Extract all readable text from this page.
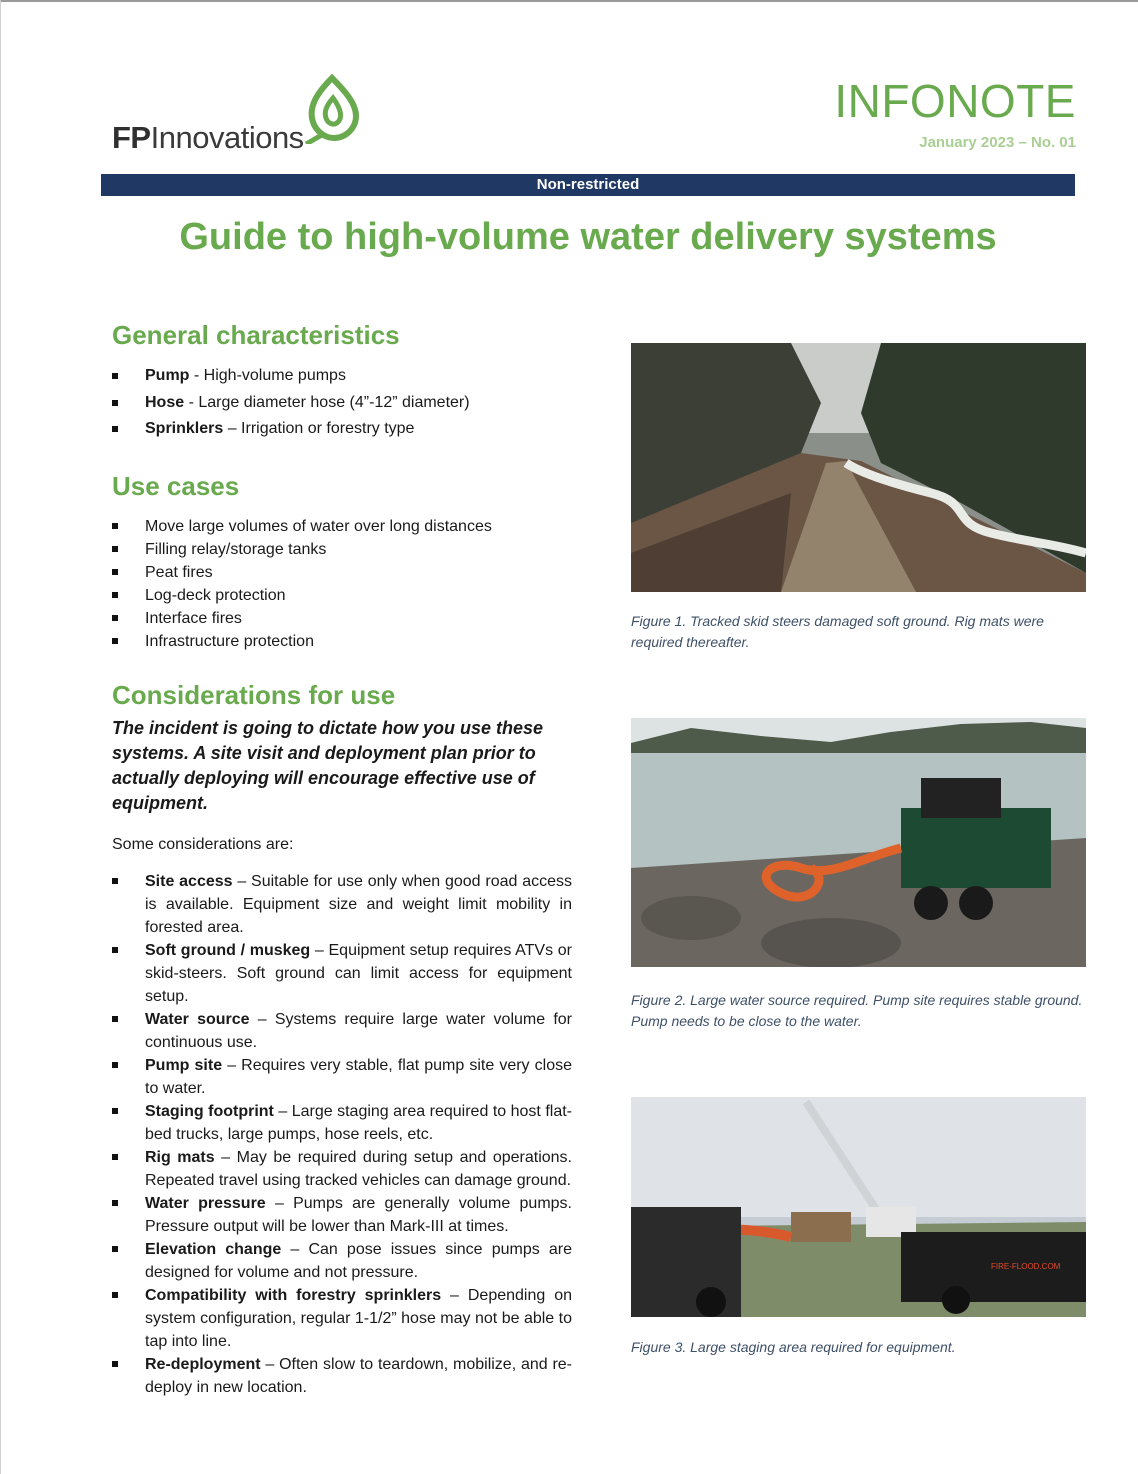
FPInnovations
INFONOTE
January 2023 – No. 01
Non-restricted
Guide to high-volume water delivery systems
General characteristics
Pump - High-volume pumps
Hose - Large diameter hose (4”-12” diameter)
Sprinklers – Irrigation or forestry type
Use cases
Move large volumes of water over long distances
Filling relay/storage tanks
Peat fires
Log-deck protection
Interface fires
Infrastructure protection
Considerations for use
The incident is going to dictate how you use these systems. A site visit and deployment plan prior to actually deploying will encourage effective use of equipment.
Some considerations are:
Site access – Suitable for use only when good road access is available. Equipment size and weight limit mobility in forested area.
Soft ground / muskeg – Equipment setup requires ATVs or skid-steers. Soft ground can limit access for equipment setup.
Water source – Systems require large water volume for continuous use.
Pump site – Requires very stable, flat pump site very close to water.
Staging footprint – Large staging area required to host flat-bed trucks, large pumps, hose reels, etc.
Rig mats – May be required during setup and operations. Repeated travel using tracked vehicles can damage ground.
Water pressure – Pumps are generally volume pumps. Pressure output will be lower than Mark-III at times.
Elevation change – Can pose issues since pumps are designed for volume and not pressure.
Compatibility with forestry sprinklers – Depending on system configuration, regular 1-1/2” hose may not be able to tap into line.
Re-deployment – Often slow to teardown, mobilize, and re-deploy in new location.
Figure 1. Tracked skid steers damaged soft ground. Rig mats were required thereafter.
Figure 2. Large water source required. Pump site requires stable ground. Pump needs to be close to the water.
FIRE-FLOOD.COM
Figure 3. Large staging area required for equipment.
